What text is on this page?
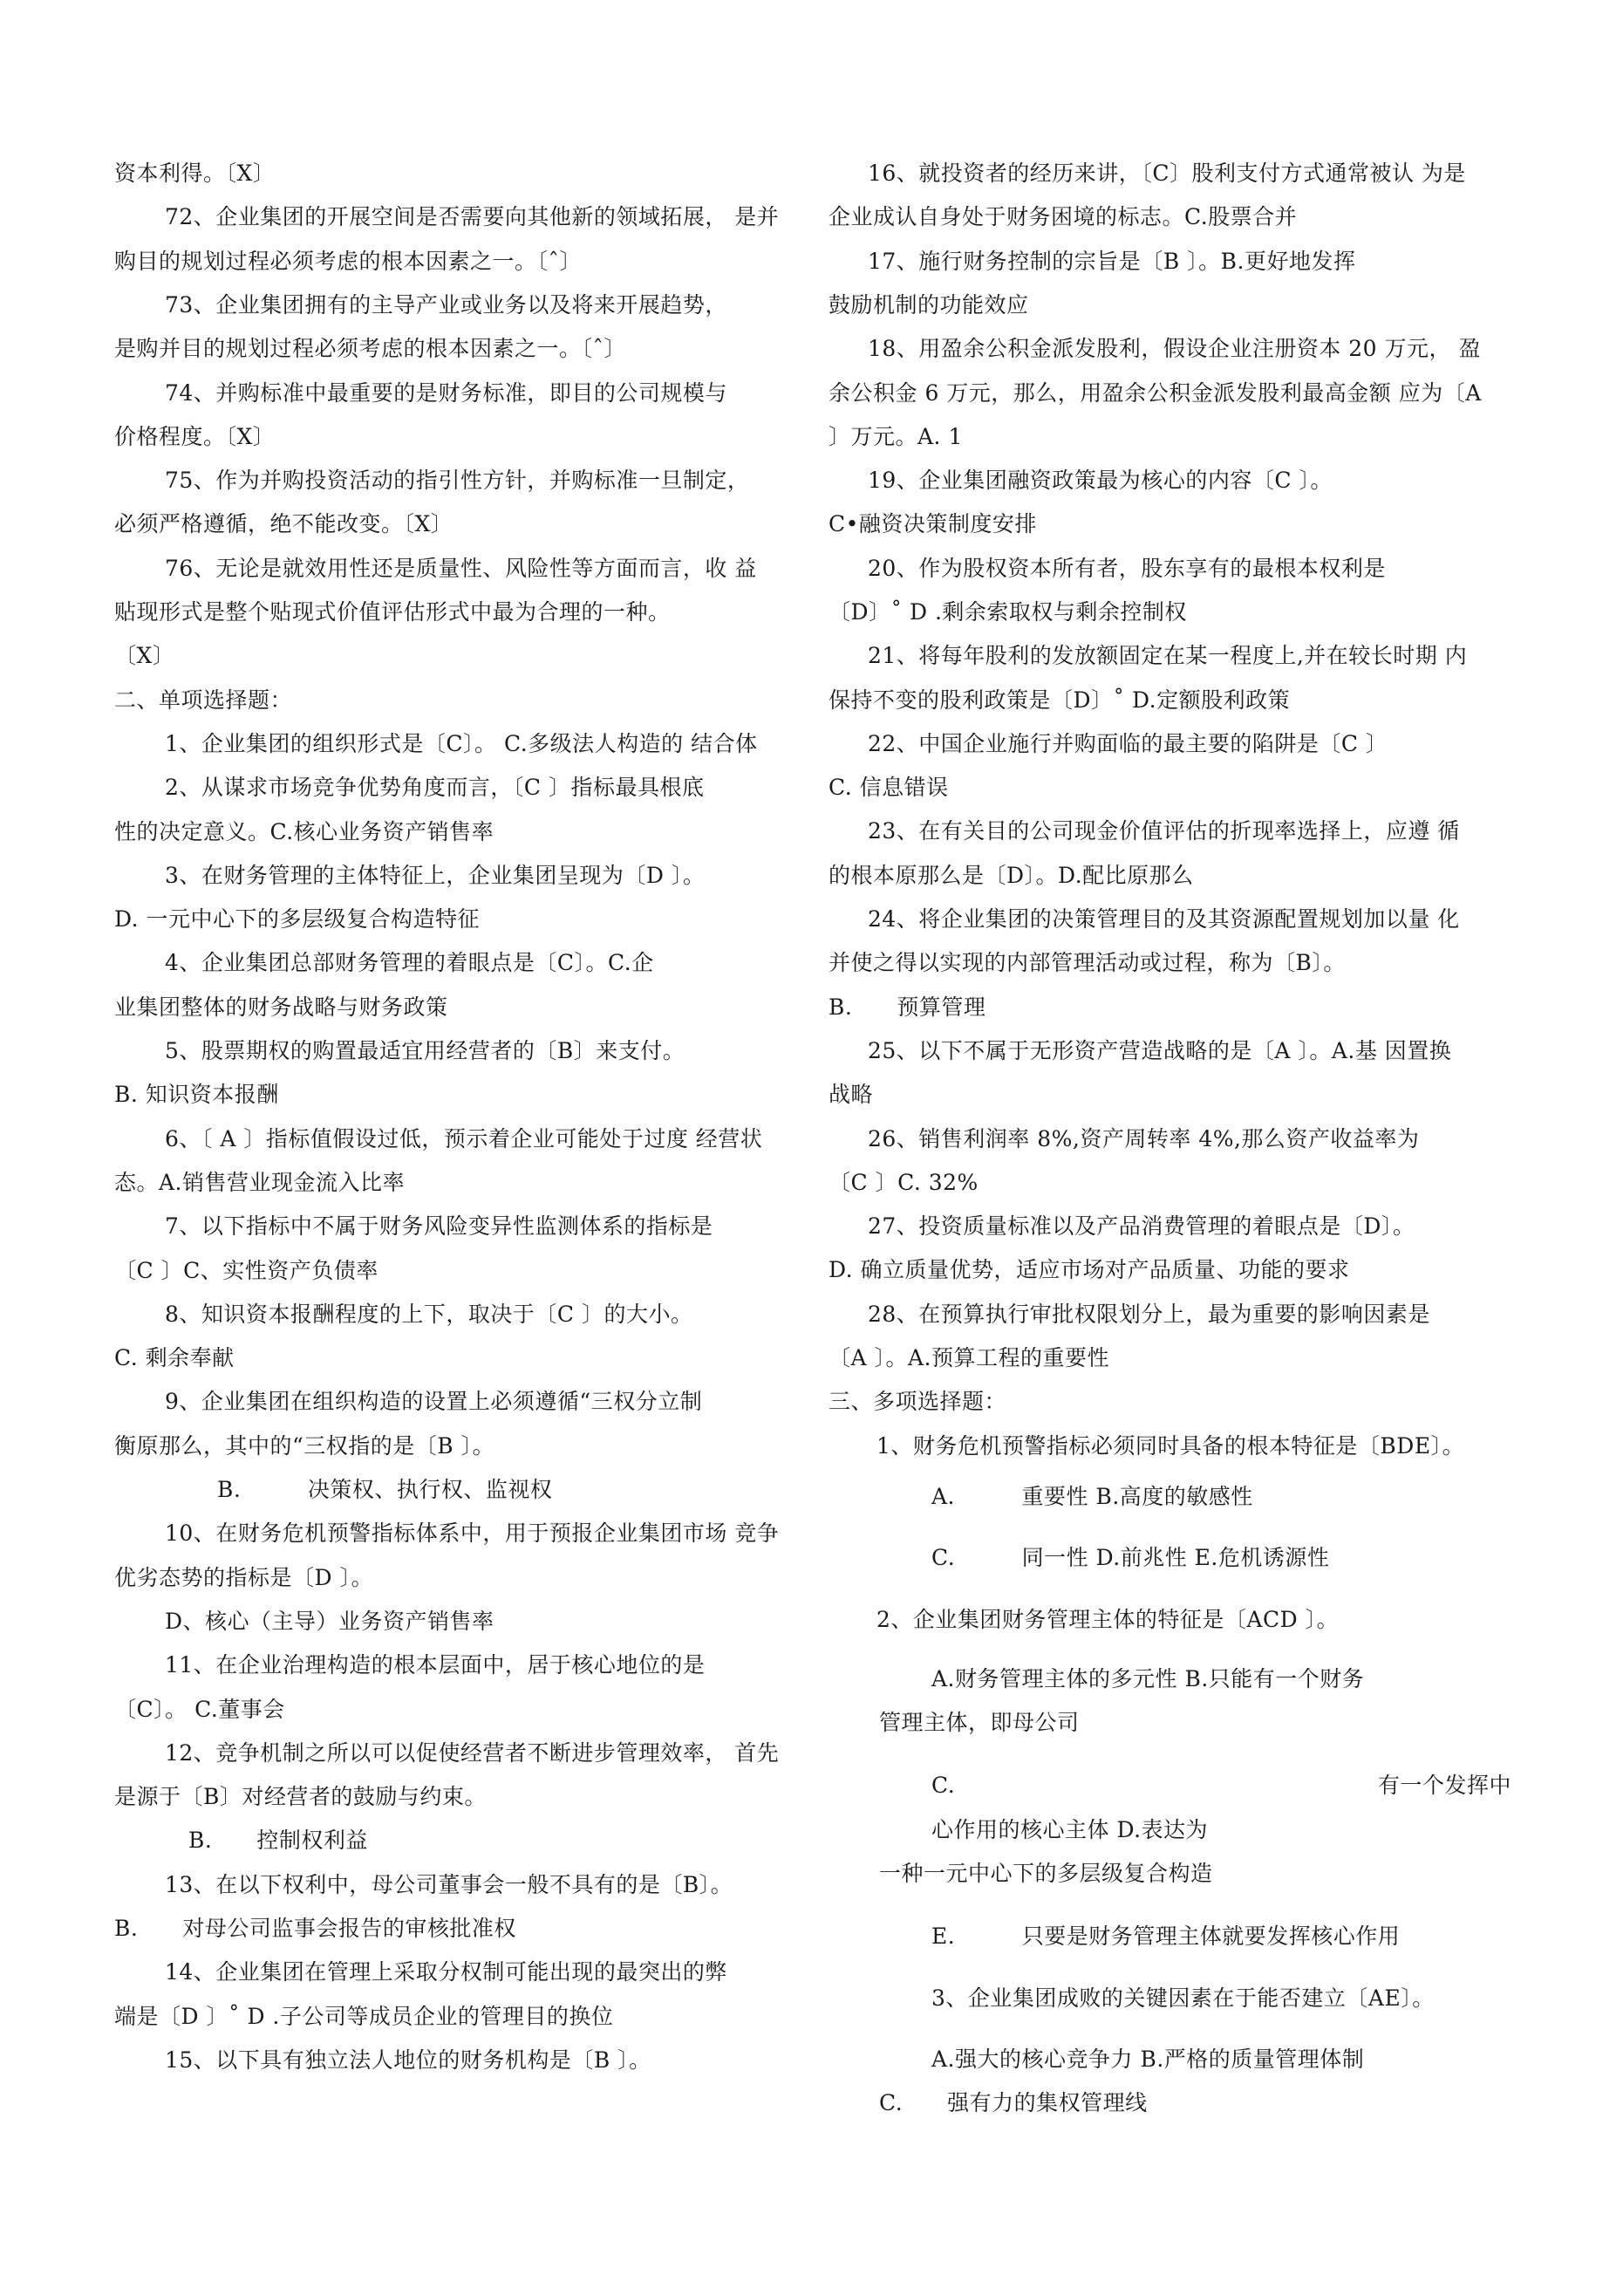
资本利得。〔X〕
72、企业集团的开展空间是否需要向其他新的领域拓展， 是并
购目的规划过程必须考虑的根本因素之一。〔ˆ〕
73、企业集团拥有的主导产业或业务以及将来开展趋势，
是购并目的规划过程必须考虑的根本因素之一。〔ˆ〕
74、并购标准中最重要的是财务标准，即目的公司规模与
价格程度。〔X〕
75、作为并购投资活动的指引性方针，并购标准一旦制定，
必须严格遵循，绝不能改变。〔X〕
76、无论是就效用性还是质量性、风险性等方面而言，收 益
贴现形式是整个贴现式价值评估形式中最为合理的一种。
〔X〕
二、单项选择题：
1、企业集团的组织形式是〔C〕。 C.多级法人构造的 结合体
2、从谋求市场竞争优势角度而言，〔C 〕指标最具根底
性的决定意义。C.核心业务资产销售率
3、在财务管理的主体特征上，企业集团呈现为〔D 〕。
D. 一元中心下的多层级复合构造特征
4、企业集团总部财务管理的着眼点是〔C〕。C.企
业集团整体的财务战略与财务政策
5、股票期权的购置最适宜用经营者的〔B〕来支付。
B. 知识资本报酬
6、〔 A 〕指标值假设过低，预示着企业可能处于过度 经营状
态。A.销售营业现金流入比率
7、以下指标中不属于财务风险变异性监测体系的指标是
〔C 〕C、实性资产负债率
8、知识资本报酬程度的上下，取决于〔C 〕的大小。
C. 剩余奉献
9、企业集团在组织构造的设置上必须遵循“三权分立制
衡原那么，其中的“三权指的是〔B 〕。
B.　　　决策权、执行权、监视权
10、在财务危机预警指标体系中，用于预报企业集团市场 竞争
优劣态势的指标是〔D 〕。
D、核心（主导）业务资产销售率
11、在企业治理构造的根本层面中，居于核心地位的是
〔C〕。 C.董事会
12、竞争机制之所以可以促使经营者不断进步管理效率， 首先
是源于〔B〕对经营者的鼓励与约束。
B.　　控制权利益
13、在以下权利中，母公司董事会一般不具有的是〔B〕。
B.　　对母公司监事会报告的审核批准权
14、企业集团在管理上采取分权制可能出现的最突出的弊
端是〔D 〕˚ D .子公司等成员企业的管理目的换位
15、以下具有独立法人地位的财务机构是〔B 〕。
16、就投资者的经历来讲，〔C〕股利支付方式通常被认 为是
企业成认自身处于财务困境的标志。C.股票合并
17、施行财务控制的宗旨是〔B 〕。B.更好地发挥
鼓励机制的功能效应
18、用盈余公积金派发股利，假设企业注册资本 20 万元， 盈
余公积金 6 万元，那么，用盈余公积金派发股利最高金额 应为〔A
〕万元。A. 1
19、企业集团融资政策最为核心的内容〔C 〕。
C•融资决策制度安排
20、作为股权资本所有者，股东享有的最根本权利是
〔D〕˚ D .剩余索取权与剩余控制权
21、将每年股利的发放额固定在某一程度上,并在较长时期 内
保持不变的股利政策是〔D〕˚ D.定额股利政策
22、中国企业施行并购面临的最主要的陷阱是〔C 〕
C. 信息错误
23、在有关目的公司现金价值评估的折现率选择上，应遵 循
的根本原那么是〔D〕。D.配比原那么
24、将企业集团的决策管理目的及其资源配置规划加以量 化
并使之得以实现的内部管理活动或过程，称为〔B〕。
B.　　预算管理
25、以下不属于无形资产营造战略的是〔A 〕。A.基 因置换
战略
26、销售利润率 8%,资产周转率 4%,那么资产收益率为
〔C 〕C. 32%
27、投资质量标准以及产品消费管理的着眼点是〔D〕。
D. 确立质量优势，适应市场对产品质量、功能的要求
28、在预算执行审批权限划分上，最为重要的影响因素是
〔A 〕。A.预算工程的重要性
三、多项选择题：
1、财务危机预警指标必须同时具备的根本特征是〔BDE〕。
A.　　　重要性 B.高度的敏感性
C.　　　同一性 D.前兆性 E.危机诱源性
2、企业集团财务管理主体的特征是〔ACD 〕。
A.财务管理主体的多元性 B.只能有一个财务
管理主体，即母公司
C.	有一个发挥中
心作用的核心主体 D.表达为
一种一元中心下的多层级复合构造
E.　　　只要是财务管理主体就要发挥核心作用
3、企业集团成败的关键因素在于能否建立〔AE〕。
A.强大的核心竞争力 B.严格的质量管理体制
C.　　强有力的集权管理线
